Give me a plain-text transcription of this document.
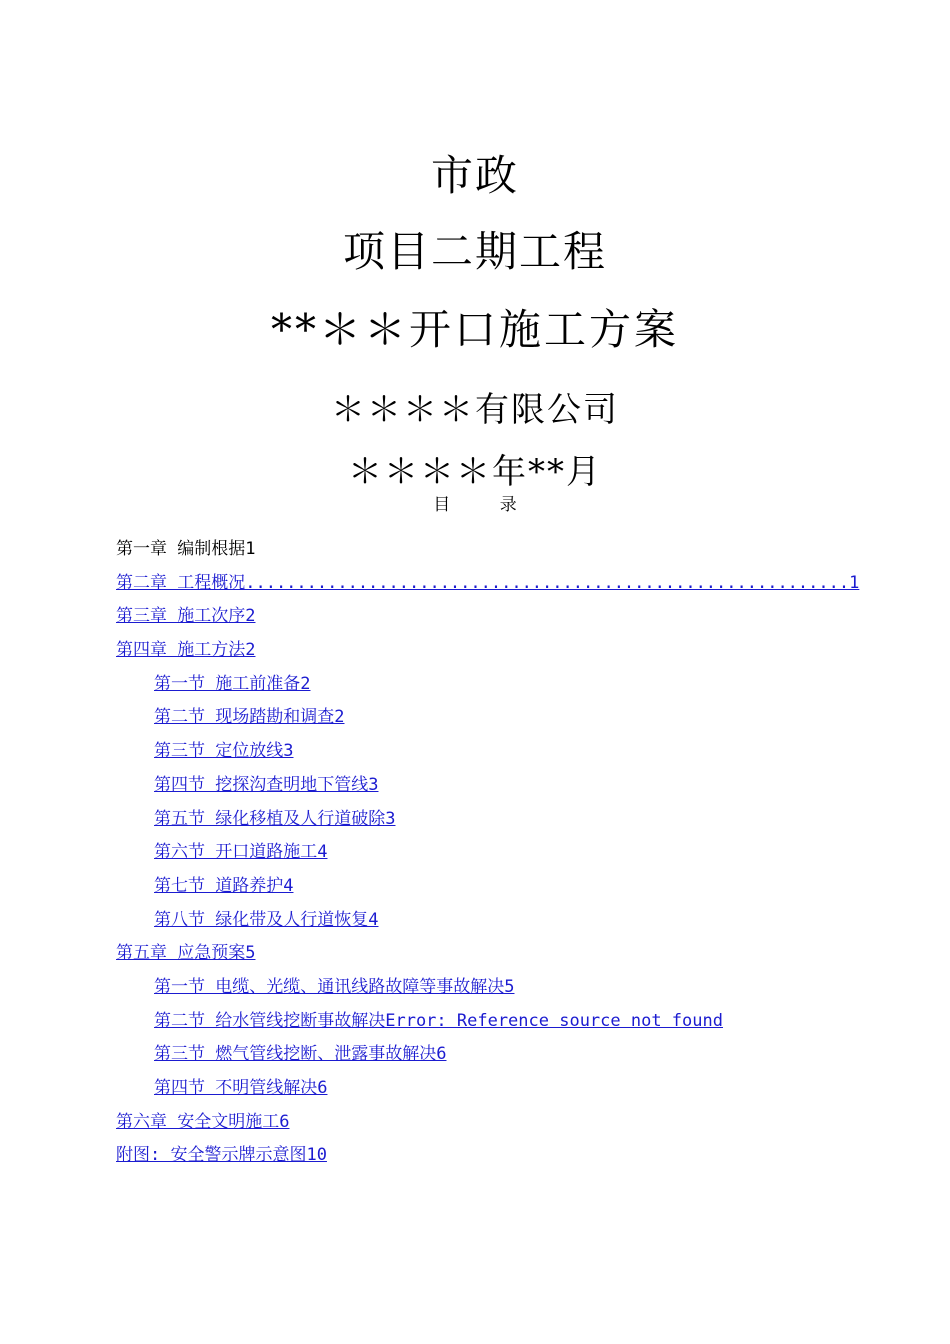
市政
项目二期工程
**＊＊开口施工方案
＊＊＊＊有限公司
＊＊＊＊年**月
目 录
第一章 编制根据1
第二章 工程概况...........................................................1
第三章 施工次序2
第四章 施工方法2
第一节 施工前准备2
第二节 现场踏勘和调查2
第三节 定位放线3
第四节 挖探沟查明地下管线3
第五节 绿化移植及人行道破除3
第六节 开口道路施工4
第七节 道路养护4
第八节 绿化带及人行道恢复4
第五章 应急预案5
第一节 电缆、光缆、通讯线路故障等事故解决5
第二节 给水管线挖断事故解决Error: Reference source not found
第三节 燃气管线挖断、泄露事故解决6
第四节 不明管线解决6
第六章 安全文明施工6
附图: 安全警示牌示意图10
